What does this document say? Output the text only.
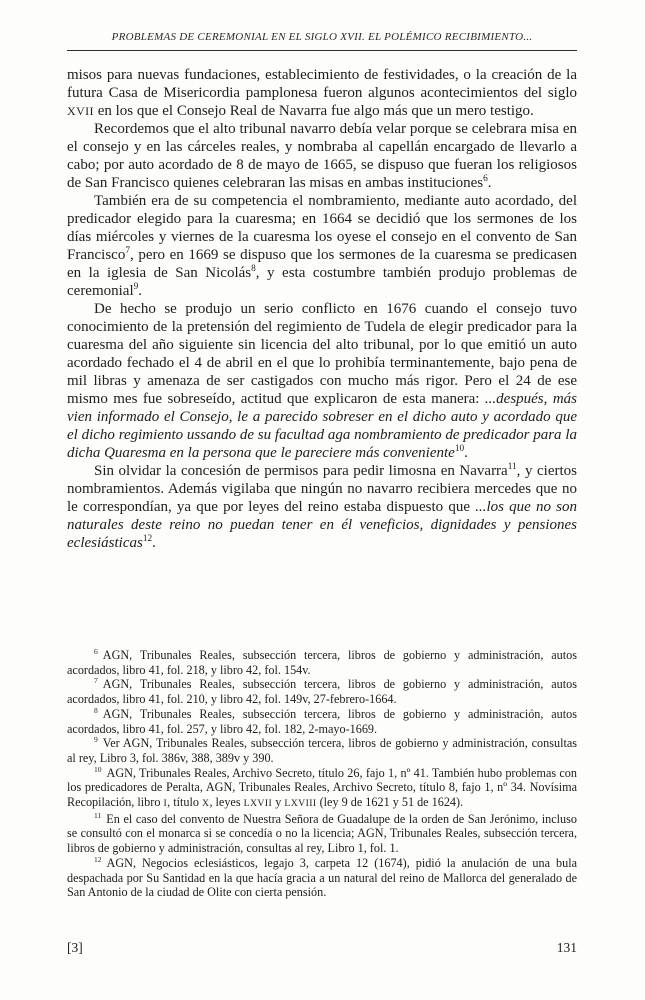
PROBLEMAS DE CEREMONIAL EN EL SIGLO XVII. EL POLÉMICO RECIBIMIENTO...

misos para nuevas fundaciones, establecimiento de festividades, o la creación de la futura Casa de Misericordia pamplonesa fueron algunos acontecimientos del siglo XVII en los que el Consejo Real de Navarra fue algo más que un mero testigo.

Recordemos que el alto tribunal navarro debía velar porque se celebrara misa en el consejo y en las cárceles reales, y nombraba al capellán encargado de llevarlo a cabo; por auto acordado de 8 de mayo de 1665, se dispuso que fueran los religiosos de San Francisco quienes celebraran las misas en ambas instituciones$^6$.

También era de su competencia el nombramiento, mediante auto acordado, del predicador elegido para la cuaresma; en 1664 se decidió que los sermones de los días miércoles y viernes de la cuaresma los oyese el consejo en el convento de San Francisco$^7$, pero en 1669 se dispuso que los sermones de la cuaresma se predicasen en la iglesia de San Nicolás$^8$, y esta costumbre también produjo problemas de ceremonial$^9$.

De hecho se produjo un serio conflicto en 1676 cuando el consejo tuvo conocimiento de la pretensión del regimiento de Tudela de elegir predicador para la cuaresma del año siguiente sin licencia del alto tribunal, por lo que emitió un auto acordado fechado el 4 de abril en el que lo prohibía terminantemente, bajo pena de mil libras y amenaza de ser castigados con mucho más rigor. Pero el 24 de ese mismo mes fue sobreseído, actitud que explicaron de esta manera: ...después, más vien informado el Consejo, le a parecido sobreser en el dicho auto y acordado que el dicho regimiento ussando de su facultad aga nombramiento de predicador para la dicha Quaresma en la persona que le pareciere más conveniente$^{10}$.

Sin olvidar la concesión de permisos para pedir limosna en Navarra$^{11}$, y ciertos nombramientos. Además vigilaba que ningún no navarro recibiera mercedes que no le correspondían, ya que por leyes del reino estaba dispuesto que ...los que no son naturales deste reino no puedan tener en él veneficios, dignidades y pensiones eclesiásticas$^{12}$.

$^6$ AGN, Tribunales Reales, subsección tercera, libros de gobierno y administración, autos acordados, libro 41, fol. 218, y libro 42, fol. 154v.

$^7$ AGN, Tribunales Reales, subsección tercera, libros de gobierno y administración, autos acordados, libro 41, fol. 210, y libro 42, fol. 149v, 27-febrero-1664.

$^8$ AGN, Tribunales Reales, subsección tercera, libros de gobierno y administración, autos acordados, libro 41, fol. 257, y libro 42, fol. 182, 2-mayo-1669.

$^9$ Ver AGN, Tribunales Reales, subsección tercera, libros de gobierno y administración, consultas al rey, Libro 3, fol. 386v, 388, 389v y 390.

$^{10}$ AGN, Tribunales Reales, Archivo Secreto, título 26, fajo 1, nº 41. También hubo problemas con los predicadores de Peralta, AGN, Tribunales Reales, Archivo Secreto, título 8, fajo 1, nº 34. Novísima Recopilación, libro I, título X, leyes LXVII y LXVIII (ley 9 de 1621 y 51 de 1624).

$^{11}$ En el caso del convento de Nuestra Señora de Guadalupe de la orden de San Jerónimo, incluso se consultó con el monarca si se concedía o no la licencia; AGN, Tribunales Reales, subsección tercera, libros de gobierno y administración, consultas al rey, Libro 1, fol. 1.

$^{12}$ AGN, Negocios eclesiásticos, legajo 3, carpeta 12 (1674), pidió la anulación de una bula despachada por Su Santidad en la que hacía gracia a un natural del reino de Mallorca del generalado de San Antonio de la ciudad de Olite con cierta pensión.

[3]	131
